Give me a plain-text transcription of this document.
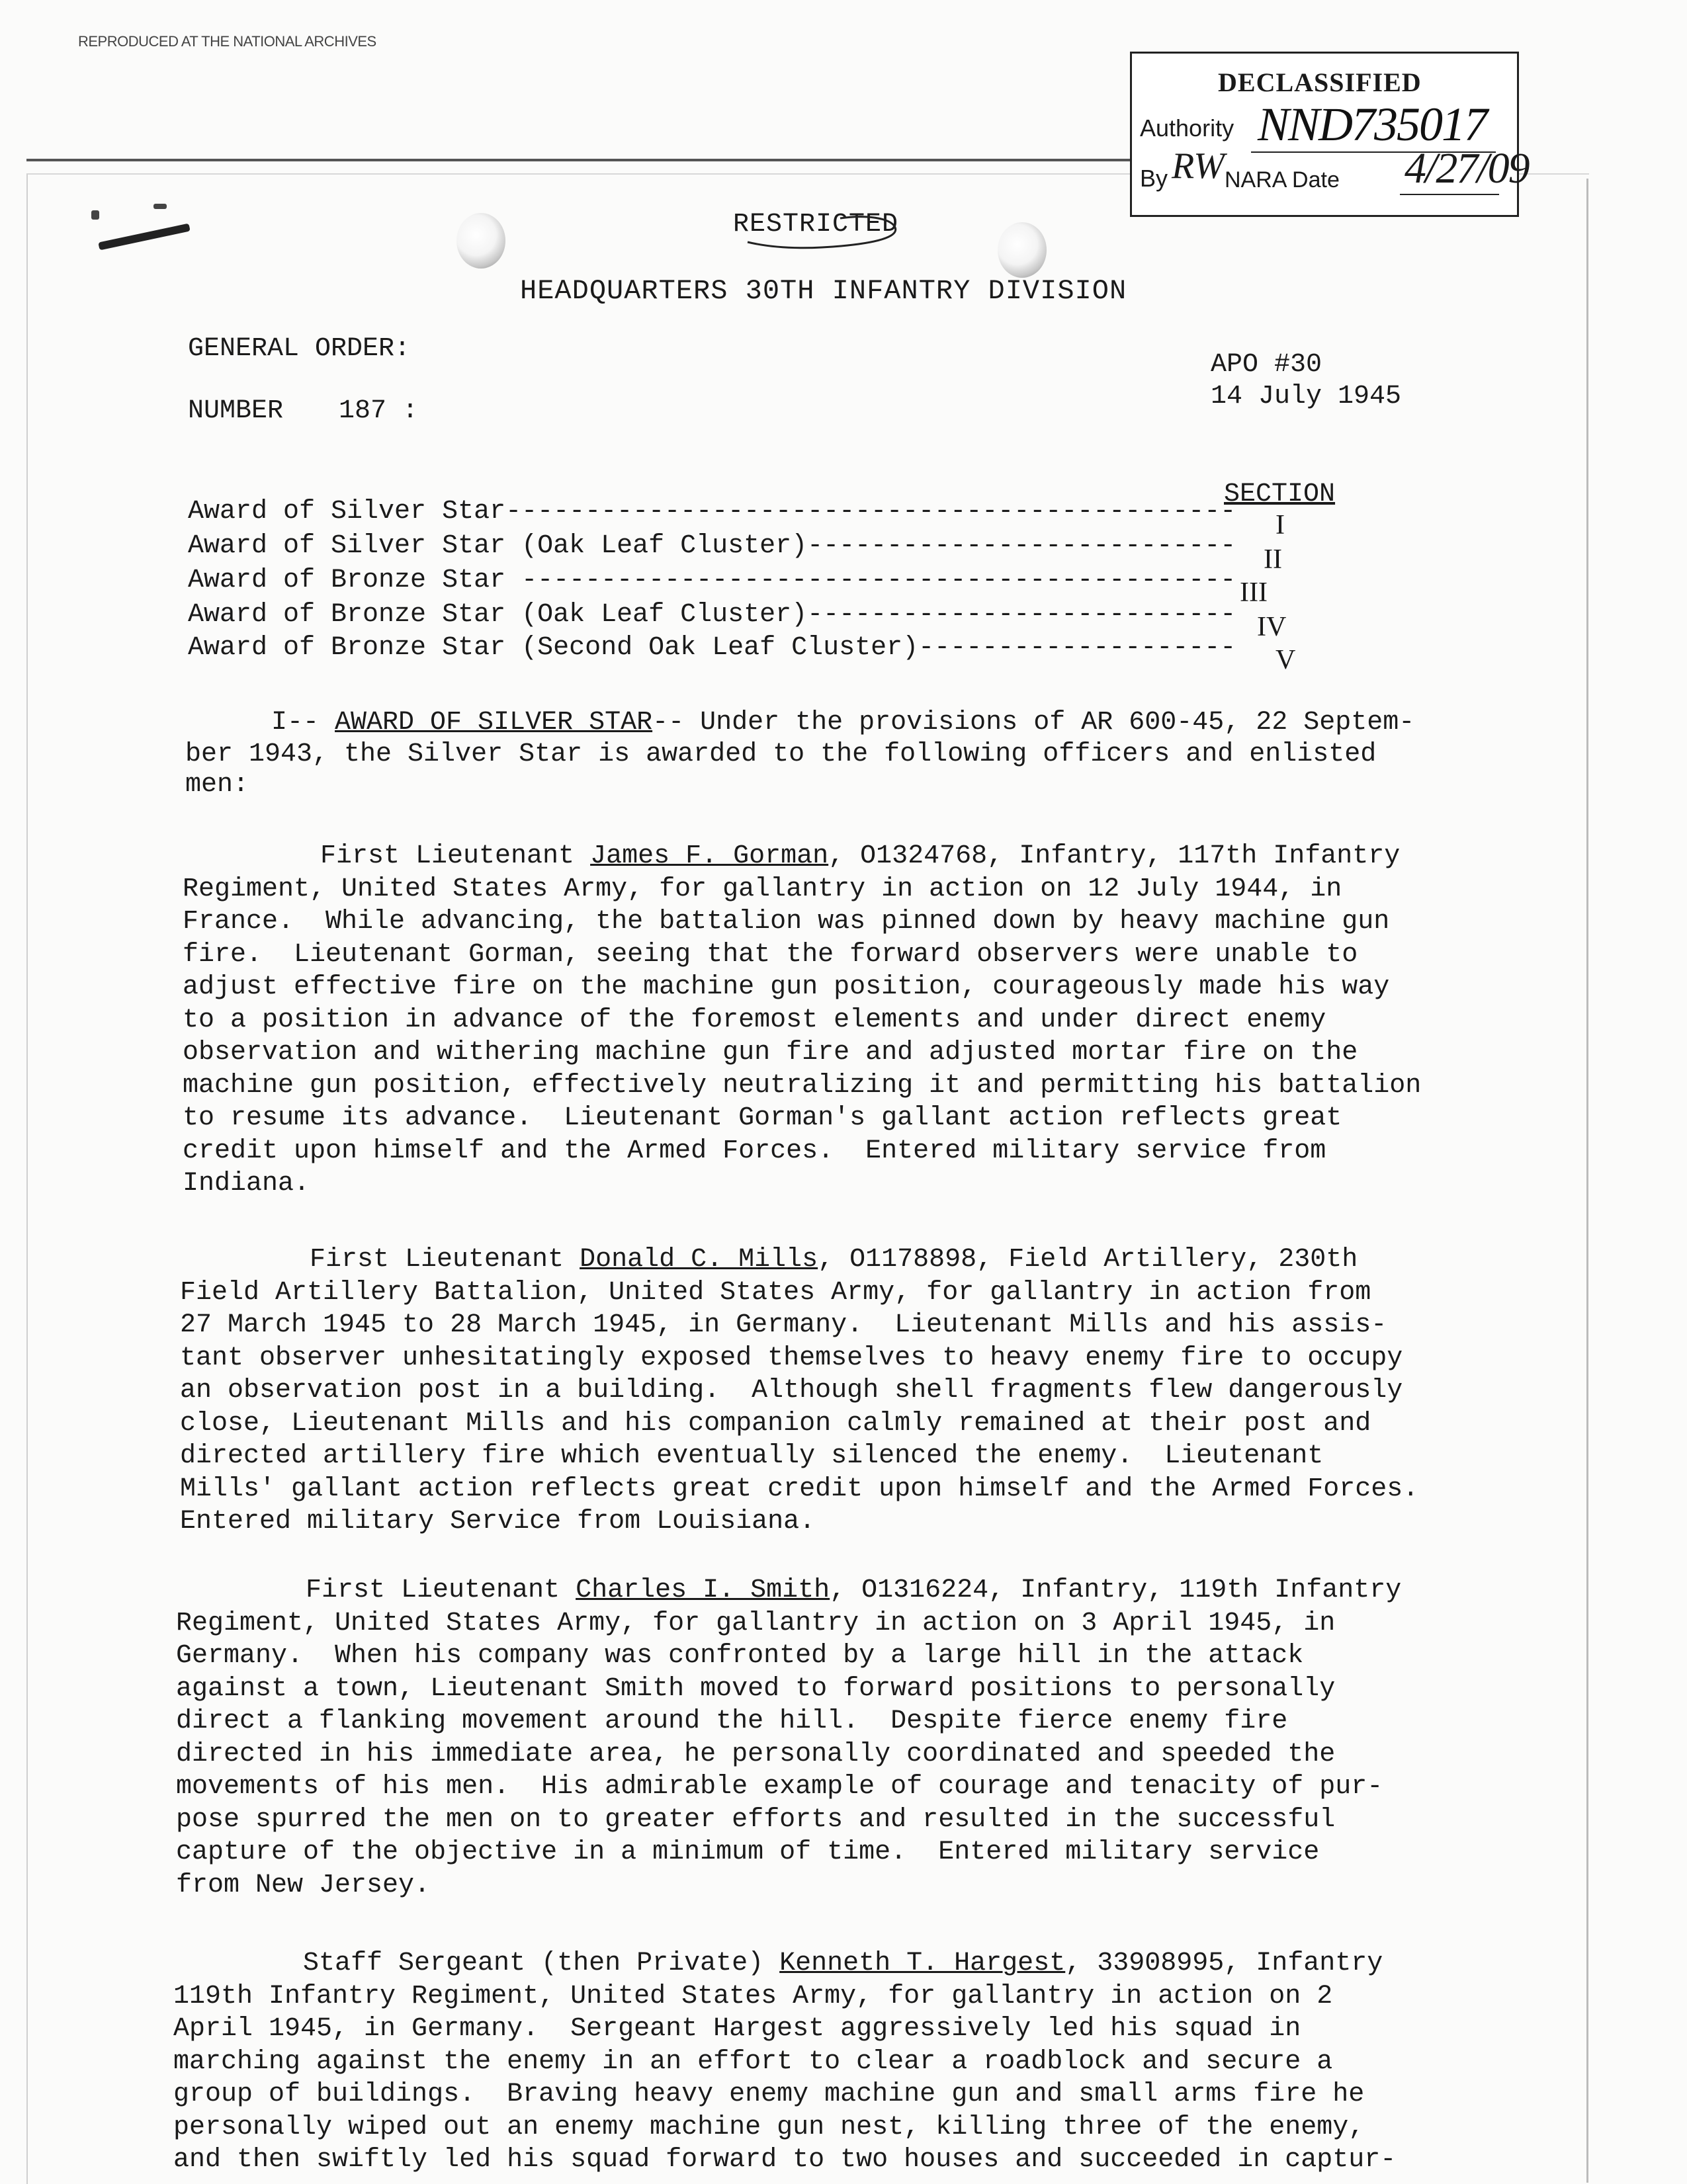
REPRODUCED AT THE NATIONAL ARCHIVES
DECLASSIFIED
Authority NND735017
By RW NARA Date 4/27/09
RESTRICTED
HEADQUARTERS 30TH INFANTRY DIVISION
GENERAL ORDER:
NUMBER 187 :
APO #30
14 July 1945
SECTION
Award of Silver Star---------------------------------------------- I
Award of Silver Star (Oak Leaf Cluster)--------------------------- II
Award of Bronze Star --------------------------------------------- III
Award of Bronze Star (Oak Leaf Cluster)--------------------------- IV
Award of Bronze Star (Second Oak Leaf Cluster)-------------------- V
I-- AWARD OF SILVER STAR-- Under the provisions of AR 600-45, 22 Septem-
ber 1943, the Silver Star is awarded to the following officers and enlisted
men:
First Lieutenant James F. Gorman, O1324768, Infantry, 117th Infantry
Regiment, United States Army, for gallantry in action on 12 July 1944, in
France.  While advancing, the battalion was pinned down by heavy machine gun
fire.  Lieutenant Gorman, seeing that the forward observers were unable to
adjust effective fire on the machine gun position, courageously made his way
to a position in advance of the foremost elements and under direct enemy
observation and withering machine gun fire and adjusted mortar fire on the
machine gun position, effectively neutralizing it and permitting his battalion
to resume its advance.  Lieutenant Gorman's gallant action reflects great
credit upon himself and the Armed Forces.  Entered military service from
Indiana.
First Lieutenant Donald C. Mills, O1178898, Field Artillery, 230th
Field Artillery Battalion, United States Army, for gallantry in action from
27 March 1945 to 28 March 1945, in Germany.  Lieutenant Mills and his assis-
tant observer unhesitatingly exposed themselves to heavy enemy fire to occupy
an observation post in a building.  Although shell fragments flew dangerously
close, Lieutenant Mills and his companion calmly remained at their post and
directed artillery fire which eventually silenced the enemy.  Lieutenant
Mills' gallant action reflects great credit upon himself and the Armed Forces.
Entered military Service from Louisiana.
First Lieutenant Charles I. Smith, O1316224, Infantry, 119th Infantry
Regiment, United States Army, for gallantry in action on 3 April 1945, in
Germany.  When his company was confronted by a large hill in the attack
against a town, Lieutenant Smith moved to forward positions to personally
direct a flanking movement around the hill.  Despite fierce enemy fire
directed in his immediate area, he personally coordinated and speeded the
movements of his men.  His admirable example of courage and tenacity of pur-
pose spurred the men on to greater efforts and resulted in the successful
capture of the objective in a minimum of time.  Entered military service
from New Jersey.
Staff Sergeant (then Private) Kenneth T. Hargest, 33908995, Infantry
119th Infantry Regiment, United States Army, for gallantry in action on 2
April 1945, in Germany.  Sergeant Hargest aggressively led his squad in
marching against the enemy in an effort to clear a roadblock and secure a
group of buildings.  Braving heavy enemy machine gun and small arms fire he
personally wiped out an enemy machine gun nest, killing three of the enemy,
and then swiftly led his squad forward to two houses and succeeded in captur-
